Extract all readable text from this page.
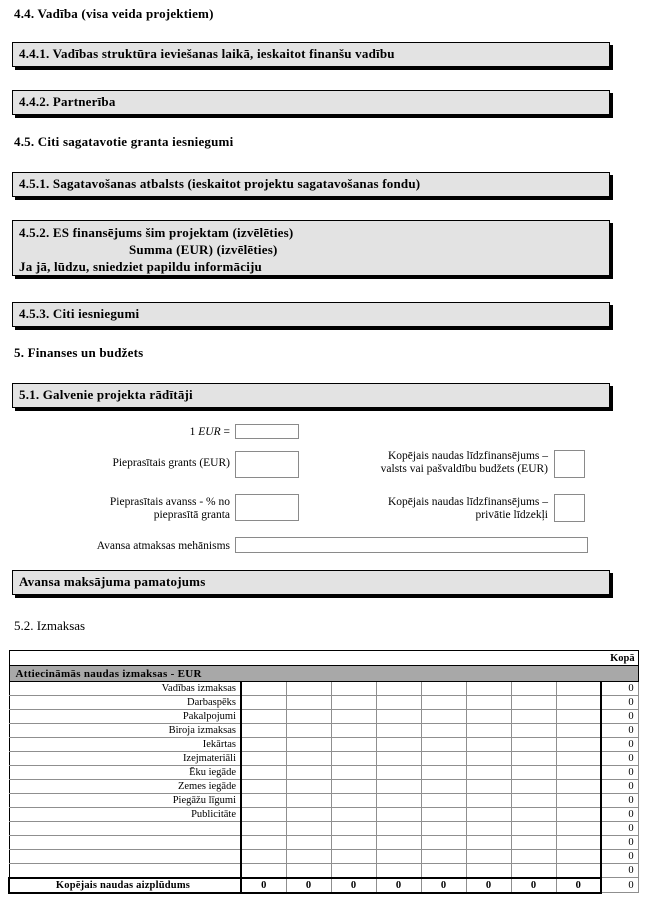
4.4. Vadība (visa veida projektiem)
4.4.1. Vadības struktūra ieviešanas laikā, ieskaitot finanšu vadību
4.4.2. Partnerība
4.5. Citi sagatavotie granta iesniegumi
4.5.1. Sagatavošanas atbalsts (ieskaitot projektu sagatavošanas fondu)
4.5.2. ES finansējums šim projektam (izvēlēties)
Summa (EUR) (izvēlēties)
Ja jā, lūdzu, sniedziet papildu informāciju
4.5.3. Citi iesniegumi
5. Finanses un budžets
5.1. Galvenie projekta rādītāji
1 EUR =
Pieprasītais grants (EUR)
Kopējais naudas līdzfinansējums –
valsts vai pašvaldību budžets (EUR)
Pieprasītais avanss - % no
pieprasītā granta
Kopējais naudas līdzfinansējums –
privātie līdzekļi
Avansa atmaksas mehānisms
Avansa maksājuma pamatojums
5.2. Izmaksas
									Kopā
Attiecināmās naudas izmaksas - EUR									
Vadības izmaksas									0
Darbaspēks									0
Pakalpojumi									0
Biroja izmaksas									0
Iekārtas									0
Izejmateriāli									0
Ēku iegāde									0
Zemes iegāde									0
Piegāžu līgumi									0
Publicitāte									0
									0
									0
									0
									0
Kopējais naudas aizplūdums	0	0	0	0	0	0	0	0	0
